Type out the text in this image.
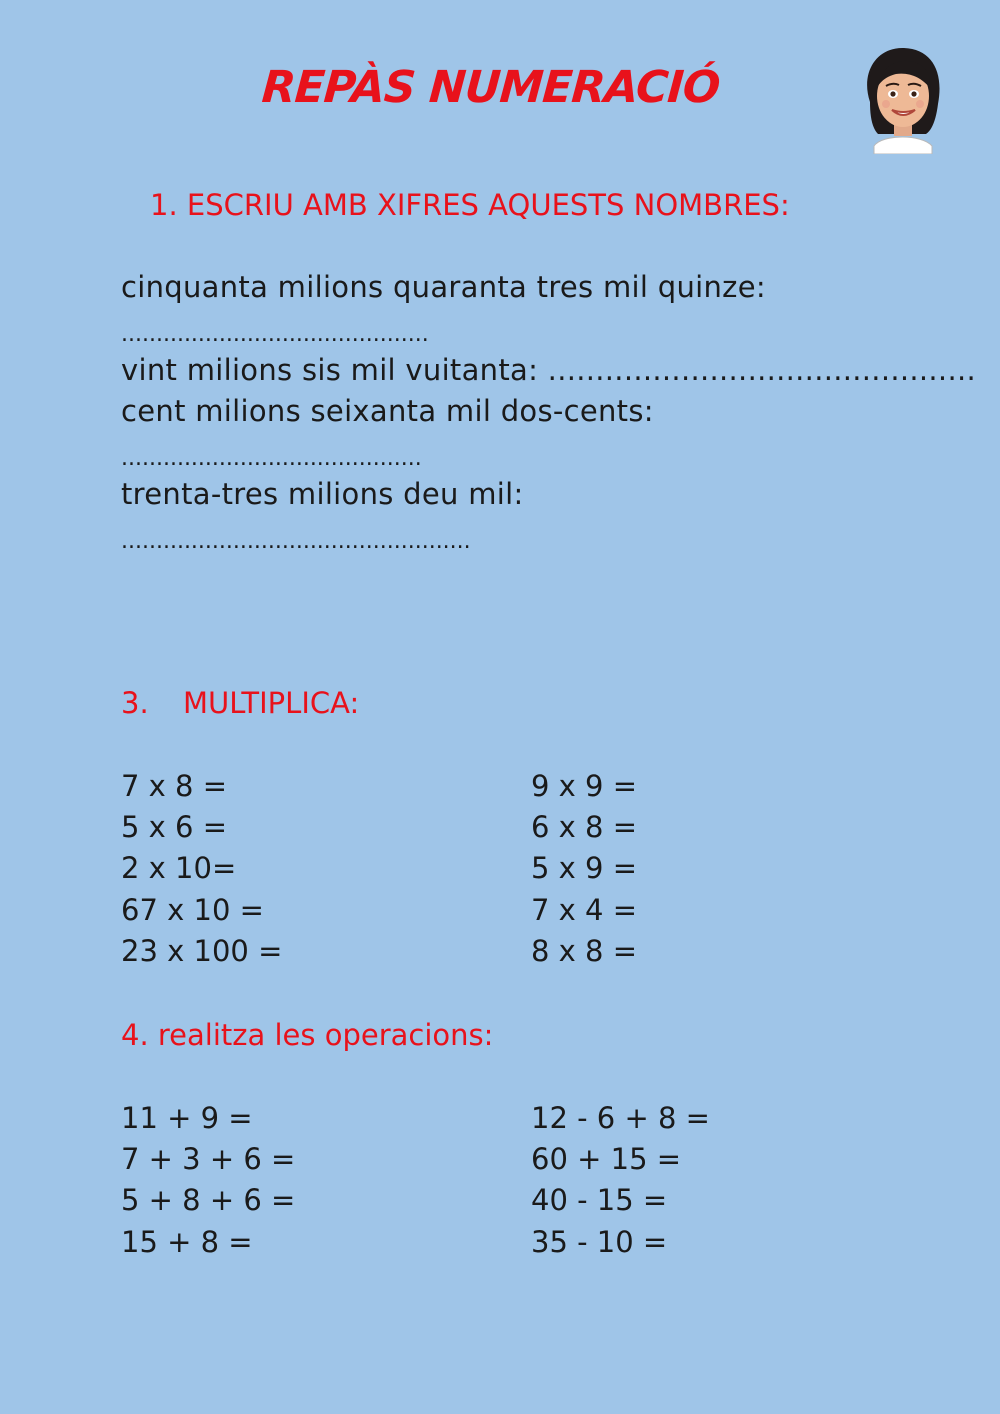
REPÀS NUMERACIÓ
1. ESCRIU AMB XIFRES AQUESTS NOMBRES:
cinquanta milions quaranta tres mil quinze:
............................................
vint milions sis mil vuitanta: .............................................
cent milions seixanta mil dos-cents:
...........................................
trenta-tres milions deu mil:
..................................................
3. MULTIPLICA:
7 x 8 =
5 x 6 =
2 x 10=
67 x 10 =
23 x 100 =
9 x 9 =
6 x 8 =
5 x 9 =
7 x 4 =
8 x 8 =
4. realitza les operacions:
11 + 9 =
7 + 3 + 6 =
5 + 8 + 6 =
15 + 8 =
12 - 6 + 8 =
60 + 15 =
40 - 15 =
35 - 10 =
